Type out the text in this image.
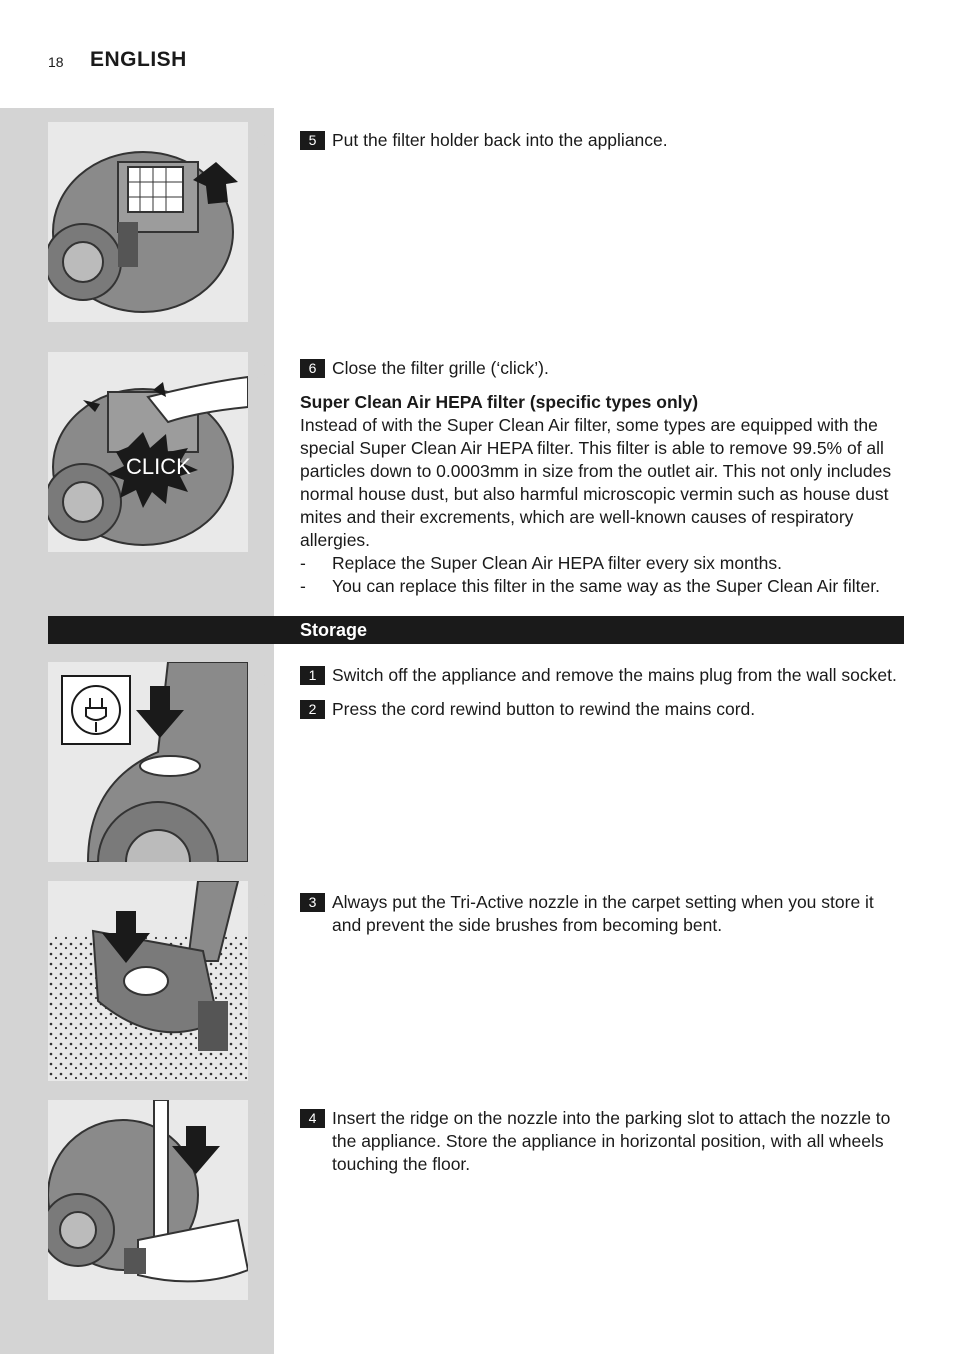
18 ENGLISH
CLICK
5 Put the filter holder back into the appliance.
6 Close the filter grille (‘click’).
Super Clean Air HEPA filter (specific types only)
Instead of with the Super Clean Air filter, some types are equipped with the special Super Clean Air HEPA filter. This filter is able to remove 99.5% of all particles down to 0.0003mm in size from the outlet air. This not only includes normal house dust, but also harmful microscopic vermin such as house dust mites and their excrements, which are well-known causes of respiratory allergies.
- Replace the Super Clean Air HEPA filter every six months.
- You can replace this filter in the same way as the Super Clean Air filter.
Storage
1 Switch off the appliance and remove the mains plug from the wall socket.
2 Press the cord rewind button to rewind the mains cord.
3 Always put the Tri-Active nozzle in the carpet setting when you store it and prevent the side brushes from becoming bent.
4 Insert the ridge on the nozzle into the parking slot to attach the nozzle to the appliance. Store the appliance in horizontal position, with all wheels touching the floor.
